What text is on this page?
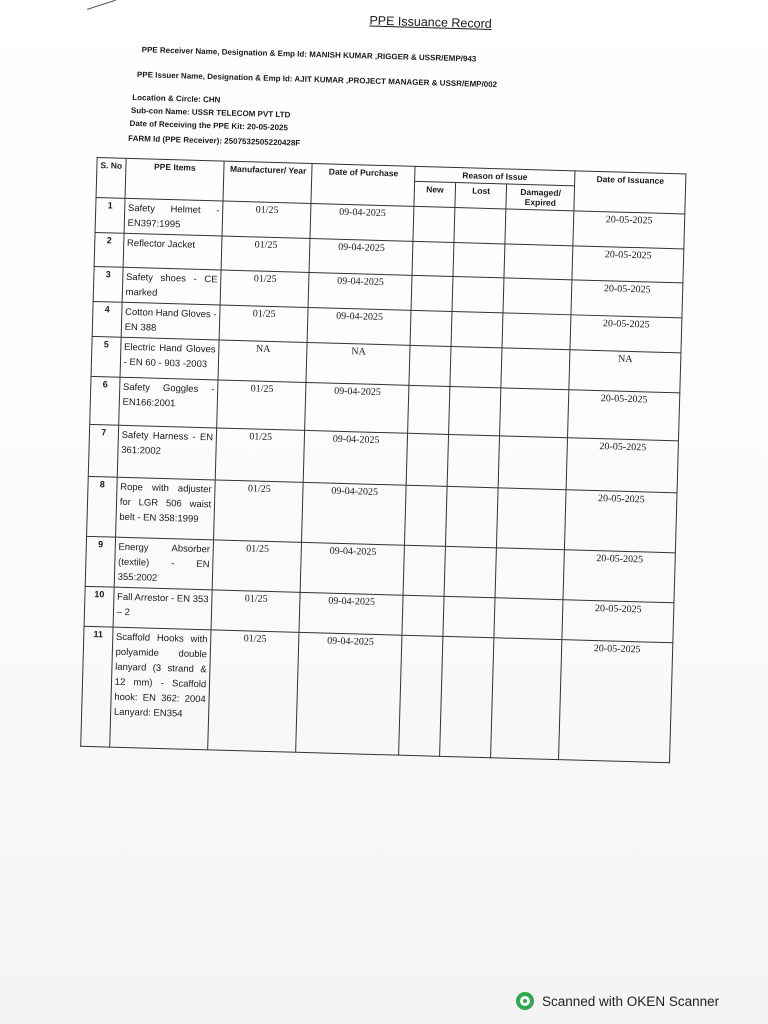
PPE Issuance Record
PPE Receiver Name, Designation & Emp Id: MANISH KUMAR ,RIGGER & USSR/EMP/943
PPE Issuer Name, Designation & Emp Id: AJIT KUMAR ,PROJECT MANAGER & USSR/EMP/002
Location & Circle: CHN
Sub-con Name: USSR TELECOM PVT LTD
Date of Receiving the PPE Kit: 20-05-2025
FARM Id (PPE Receiver): 2507532505220428F
S. No	PPE Items	Manufacturer/ Year	Date of Purchase	Reason of Issue			Date of Issuance
				New	Lost	Damaged/ Expired	
1	Safety Helmet - EN397:1995	01/25	09-04-2025				20-05-2025
2	Reflector Jacket	01/25	09-04-2025				20-05-2025
3	Safety shoes - CE marked	01/25	09-04-2025				20-05-2025
4	Cotton Hand Gloves - EN 388	01/25	09-04-2025				20-05-2025
5	Electric Hand Gloves - EN 60 - 903 -2003	NA	NA				NA
6	Safety Goggles - EN166:2001	01/25	09-04-2025				20-05-2025
7	Safety Harness - EN 361:2002	01/25	09-04-2025				20-05-2025
8	Rope with adjuster for LGR 506 waist belt - EN 358:1999	01/25	09-04-2025				20-05-2025
9	Energy Absorber (textile) - EN 355:2002	01/25	09-04-2025				20-05-2025
10	Fall Arrestor - EN 353 – 2	01/25	09-04-2025				20-05-2025
11	Scaffold Hooks with polyamide double lanyard (3 strand & 12 mm) - Scaffold hook: EN 362: 2004 Lanyard: EN354	01/25	09-04-2025				20-05-2025
Scanned with OKEN Scanner
